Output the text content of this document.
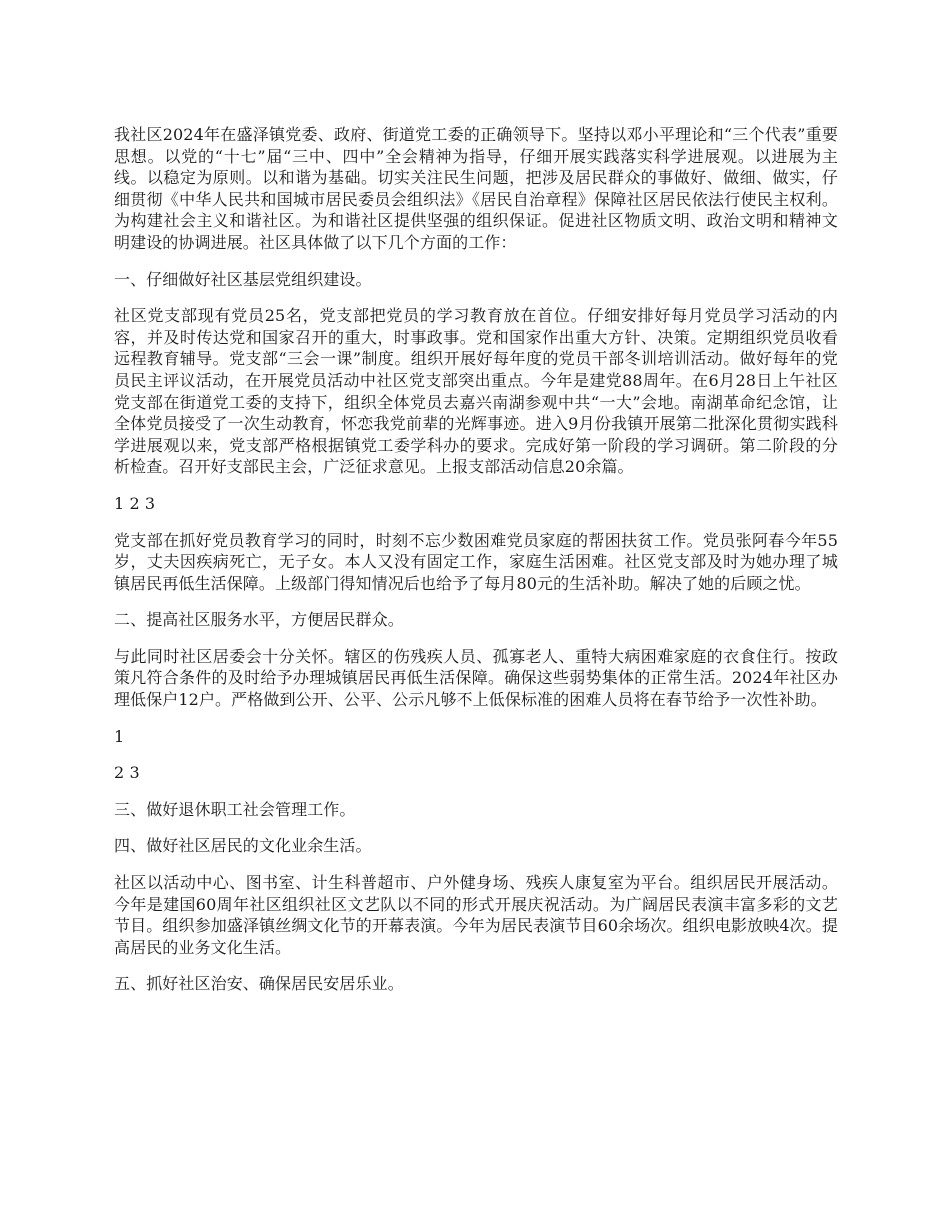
我社区2024年在盛泽镇党委、政府、街道党工委的正确领导下。坚持以邓小平理论和“三个代表”重要思想。以党的“十七”届“三中、四中”全会精神为指导，仔细开展实践落实科学进展观。以进展为主线。以稳定为原则。以和谐为基础。切实关注民生问题，把涉及居民群众的事做好、做细、做实，仔细贯彻《中华人民共和国城市居民委员会组织法》《居民自治章程》保障社区居民依法行使民主权利。为构建社会主义和谐社区。为和谐社区提供坚强的组织保证。促进社区物质文明、政治文明和精神文明建设的协调进展。社区具体做了以下几个方面的工作：

一、仔细做好社区基层党组织建设。

社区党支部现有党员25名，党支部把党员的学习教育放在首位。仔细安排好每月党员学习活动的内容，并及时传达党和国家召开的重大，时事政事。党和国家作出重大方针、决策。定期组织党员收看远程教育辅导。党支部“三会一课”制度。组织开展好每年度的党员干部冬训培训活动。做好每年的党员民主评议活动，在开展党员活动中社区党支部突出重点。今年是建党88周年。在6月28日上午社区党支部在街道党工委的支持下，组织全体党员去嘉兴南湖参观中共“一大”会地。南湖革命纪念馆，让全体党员接受了一次生动教育，怀恋我党前辈的光辉事迹。进入9月份我镇开展第二批深化贯彻实践科学进展观以来，党支部严格根据镇党工委学科办的要求。完成好第一阶段的学习调研。第二阶段的分析检查。召开好支部民主会，广泛征求意见。上报支部活动信息20余篇。

1 2 3

党支部在抓好党员教育学习的同时，时刻不忘少数困难党员家庭的帮困扶贫工作。党员张阿春今年55岁，丈夫因疾病死亡，无子女。本人又没有固定工作，家庭生活困难。社区党支部及时为她办理了城镇居民再低生活保障。上级部门得知情况后也给予了每月80元的生活补助。解决了她的后顾之忧。

二、提高社区服务水平，方便居民群众。

与此同时社区居委会十分关怀。辖区的伤残疾人员、孤寡老人、重特大病困难家庭的衣食住行。按政策凡符合条件的及时给予办理城镇居民再低生活保障。确保这些弱势集体的正常生活。2024年社区办理低保户12户。严格做到公开、公平、公示凡够不上低保标准的困难人员将在春节给予一次性补助。

1

2 3

三、做好退休职工社会管理工作。

四、做好社区居民的文化业余生活。

社区以活动中心、图书室、计生科普超市、户外健身场、残疾人康复室为平台。组织居民开展活动。今年是建国60周年社区组织社区文艺队以不同的形式开展庆祝活动。为广阔居民表演丰富多彩的文艺节目。组织参加盛泽镇丝绸文化节的开幕表演。今年为居民表演节目60余场次。组织电影放映4次。提高居民的业务文化生活。

五、抓好社区治安、确保居民安居乐业。
